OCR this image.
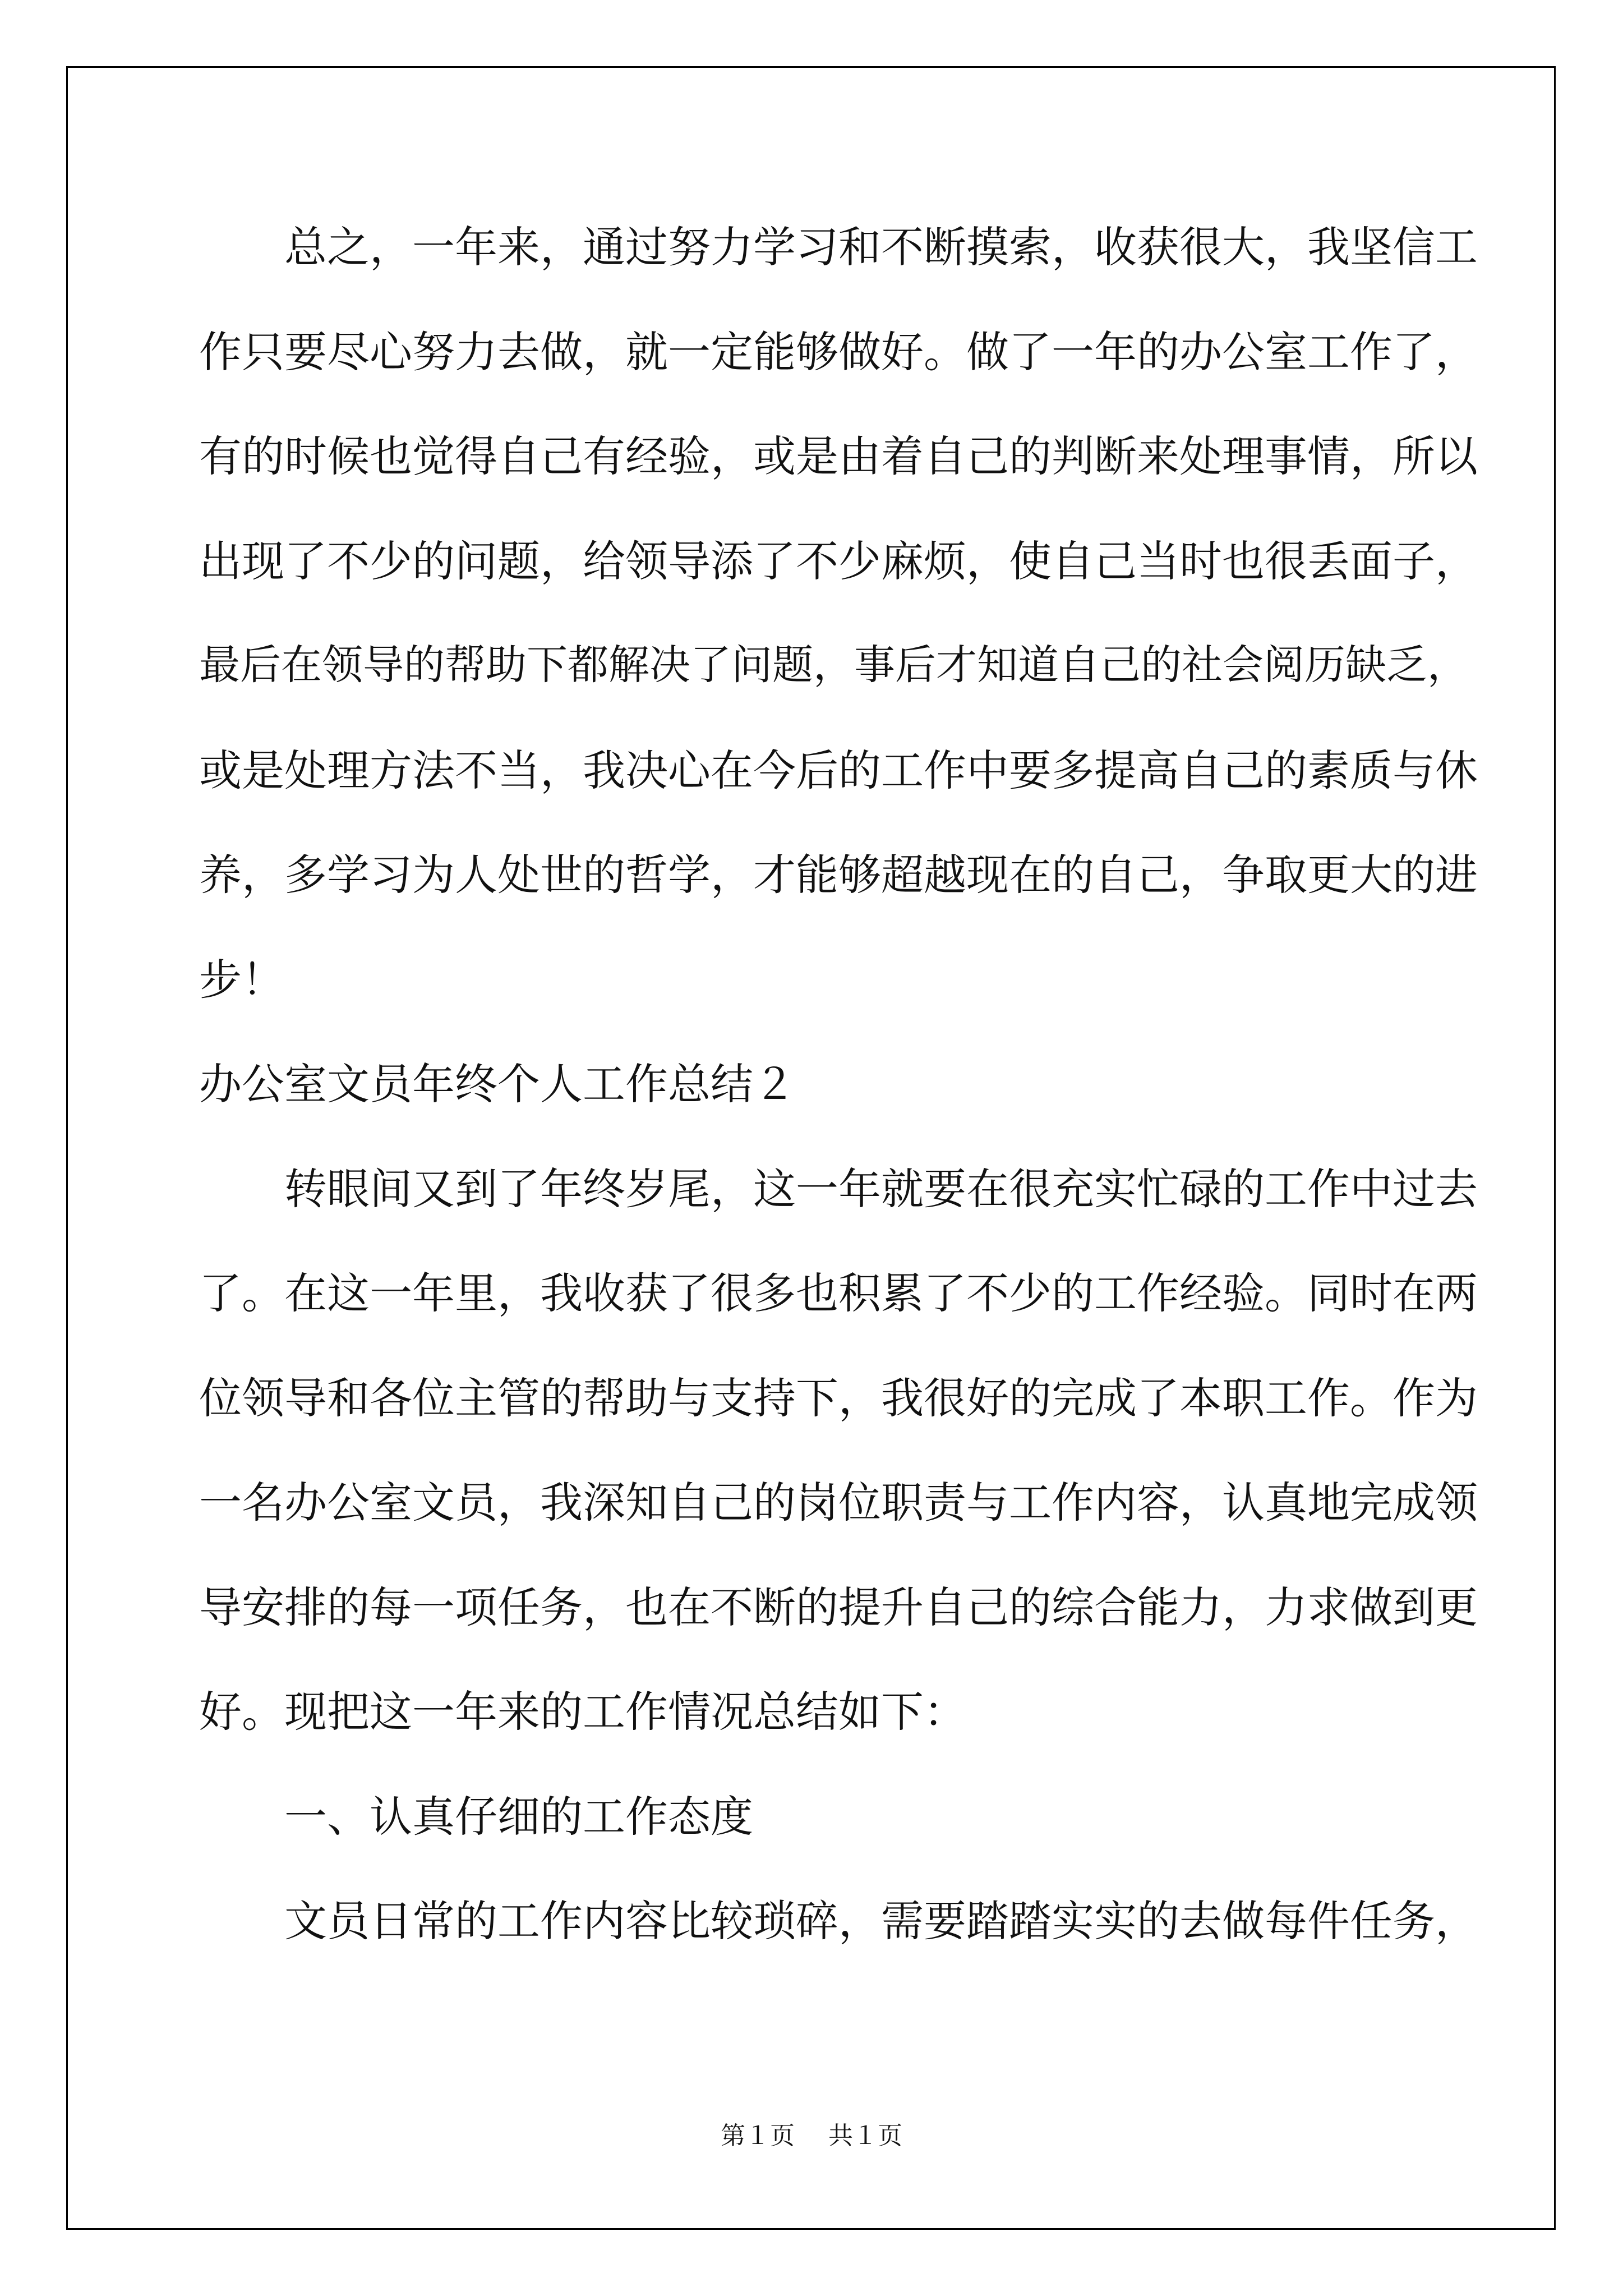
总之，一年来，通过努力学习和不断摸索，收获很大，我坚信工
作只要尽心努力去做，就一定能够做好。做了一年的办公室工作了，
有的时候也觉得自己有经验，或是由着自己的判断来处理事情，所以
出现了不少的问题，给领导添了不少麻烦，使自己当时也很丢面子，
最后在领导的帮助下都解决了问题，事后才知道自己的社会阅历缺乏，
或是处理方法不当，我决心在今后的工作中要多提高自己的素质与休
养，多学习为人处世的哲学，才能够超越现在的自己，争取更大的进
步！
办公室文员年终个人工作总结２
转眼间又到了年终岁尾，这一年就要在很充实忙碌的工作中过去
了。在这一年里，我收获了很多也积累了不少的工作经验。同时在两
位领导和各位主管的帮助与支持下，我很好的完成了本职工作。作为
一名办公室文员，我深知自己的岗位职责与工作内容，认真地完成领
导安排的每一项任务，也在不断的提升自己的综合能力，力求做到更
好。现把这一年来的工作情况总结如下：
一、认真仔细的工作态度
文员日常的工作内容比较琐碎，需要踏踏实实的去做每件任务，
第１页 共１页
